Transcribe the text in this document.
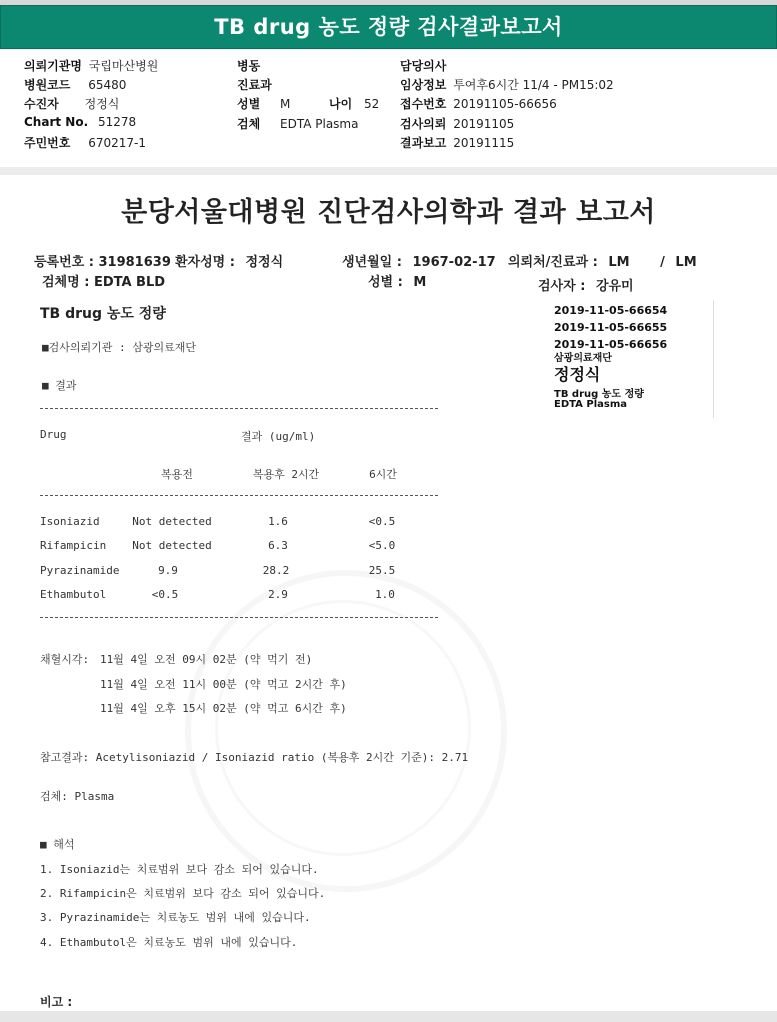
TB drug 농도 정량 검사결과보고서
의뢰기관명 국립마산병원
병원코드 65480
수진자 정정식
Chart No. 51278
주민번호 670217-1
병동
진료과
성별 M	나이 52
검체 EDTA Plasma
담당의사
임상정보 투여후6시간 11/4 - PM15:02
접수번호 20191105-66656
검사의뢰 20191105
결과보고 20191115
분당서울대병원 진단검사의학과 결과 보고서
등록번호 : 31981639 환자성명 : 정정식	생년월일 : 1967-02-17 의뢰처/진료과 : LM / LM
검체명 : EDTA BLD	성별 : M	검사자 : 강유미
TB drug 농도 정량	2019-11-05-66654
2019-11-05-66655
2019-11-05-66656
삼광의료재단
정정식
TB drug 농도 정량
EDTA Plasma
■검사의뢰기관 : 삼광의료재단
■ 결과
Drug	결과 (ug/ml)
복용전	복용후 2시간	6시간
Isoniazid	Not detected	1.6	<0.5
Rifampicin	Not detected	6.3	<5.0
Pyrazinamide	9.9	28.2	25.5
Ethambutol	<0.5	2.9	1.0
채혈시각: 11월 4일 오전 09시 02분 (약 먹기 전)
11월 4일 오전 11시 00분 (약 먹고 2시간 후)
11월 4일 오후 15시 02분 (약 먹고 6시간 후)
참고결과: Acetylisoniazid / Isoniazid ratio (복용후 2시간 기준): 2.71
검체: Plasma
■ 해석
1. Isoniazid는 치료범위 보다 감소 되어 있습니다.
2. Rifampicin은 치료범위 보다 감소 되어 있습니다.
3. Pyrazinamide는 치료농도 범위 내에 있습니다.
4. Ethambutol은 치료농도 범위 내에 있습니다.
비고 :
